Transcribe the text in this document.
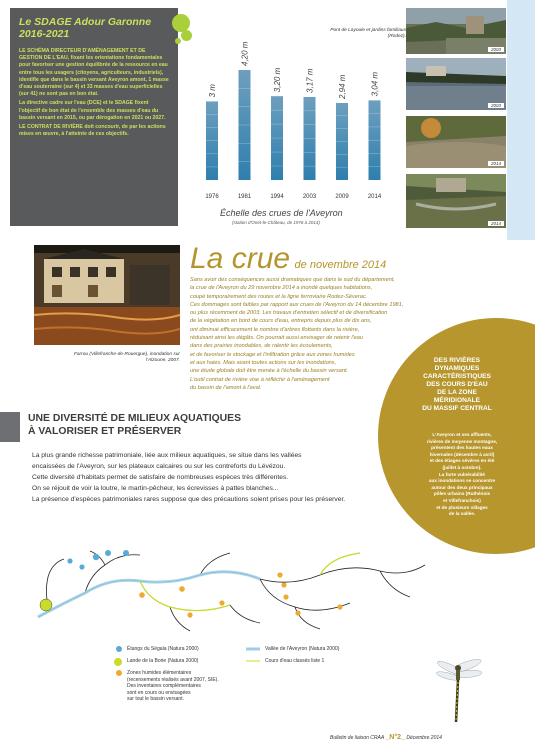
Le SDAGE Adour Garonne
2016-2021

LE SCHÉMA DIRECTEUR D'AMÉNAGEMENT ET DE GESTION DE L'EAU, fixant les orientations fondamentales pour favoriser une gestion équilibrée de la ressource en eau entre tous les usagers (citoyens, agriculteurs, industriels), identifie que dans le bassin versant Aveyron amont, 1 masse d'eau souterraine (sur 4) et 33 masses d'eau superficielles (sur 41) ne sont pas en bon état.

La directive cadre sur l'eau (DCE) et le SDAGE fixent l'objectif de bon état de l'ensemble des masses d'eau du bassin versant en 2015, ou par dérogation en 2021 ou 2027.

LE CONTRAT DE RIVIÈRE doit concourir, de par les actions mises en œuvre, à l'atteinte de ces objectifs.

3 m
1976
4,20 m
1981
3,20 m
1994
3,17 m
2003
2,94 m
2009
3,04 m
2014
Échelle des crues de l'Aveyron
(station d'Onet-le-Château, de 1976 à 2014)
Pont de Layoule et jardins familiaux (Rodez).
2003
2003
2014
2014
Farrou (Villefranche-de-Rouergue), inondation sur l'Alzoune, 2007.
La crue de novembre 2014
Sans avoir des conséquences aussi dramatiques que dans le sud du département,
la crue de l'Aveyron du 29 novembre 2014 a inondé quelques habitations,
coupé temporairement des routes et la ligne ferroviaire Rodez-Séverac.
Ces dommages sont faibles par rapport aux crues de l'Aveyron du 14 décembre 1981,
ou plus récemment de 2003. Les travaux d'entretien sélectif et de diversification
de la végétation en bord de cours d'eau, entrepris depuis plus de dix ans,
ont diminué efficacement le nombre d'arbres flottants dans la rivière,
réduisant ainsi les dégâts. On pourrait aussi envisager de retenir l'eau
dans des prairies inondables, de ralentir les écoulements,
et de favoriser le stockage et l'infiltration grâce aux zones humides
et aux haies. Mais avant toutes actions sur les inondations,
une étude globale doit être menée à l'échelle du bassin versant.
L'outil contrat de rivière vise à réfléchir à l'aménagement
du bassin de l'amont à l'aval.
DES RIVIÈRES
DYNAMIQUES
CARACTÉRISTIQUES
DES COURS D'EAU
DE LA ZONE
MÉRIDIONALE
DU MASSIF CENTRAL
L'Aveyron et ses affluents,
rivières de moyenne montagne,
présentent des hautes eaux
hivernales (décembre à avril)
et des étiages sévères en été
(juillet à octobre).
La forte vulnérabilité
aux inondations se concentre
autour des deux principaux
pôles urbains (Ruthénois
et Villefranchois)
et de plusieurs villages
de la vallée.
UNE DIVERSITÉ DE MILIEUX AQUATIQUES
À VALORISER ET PRÉSERVER
La plus grande richesse patrimoniale, liée aux milieux aquatiques, se situe dans les vallées
encaissées de l'Aveyron, sur les plateaux calcaires ou sur les contreforts du Lévézou.
Cette diversité d'habitats permet de satisfaire de nombreuses espèces très différentes.
On se réjouit de voir la loutre, le martin-pêcheur, les écrevisses à pattes blanches...
La présence d'espèces patrimoniales rares suppose que des précautions soient prises pour les préserver.
Étangs du Ségala (Natura 2000)
Lande de la Borie (Natura 2000)
Zones humides élémentaires
(recensements réalisés avant 2007, SIE).
Des inventaires complémentaires
sont en cours ou envisagées
sur tout le bassin versant.
Vallée de l'Aveyron (Natura 2000)
Cours d'eau classés liste 1
Bulletin de liaison CRAA _N°2_ Décembre 2014
